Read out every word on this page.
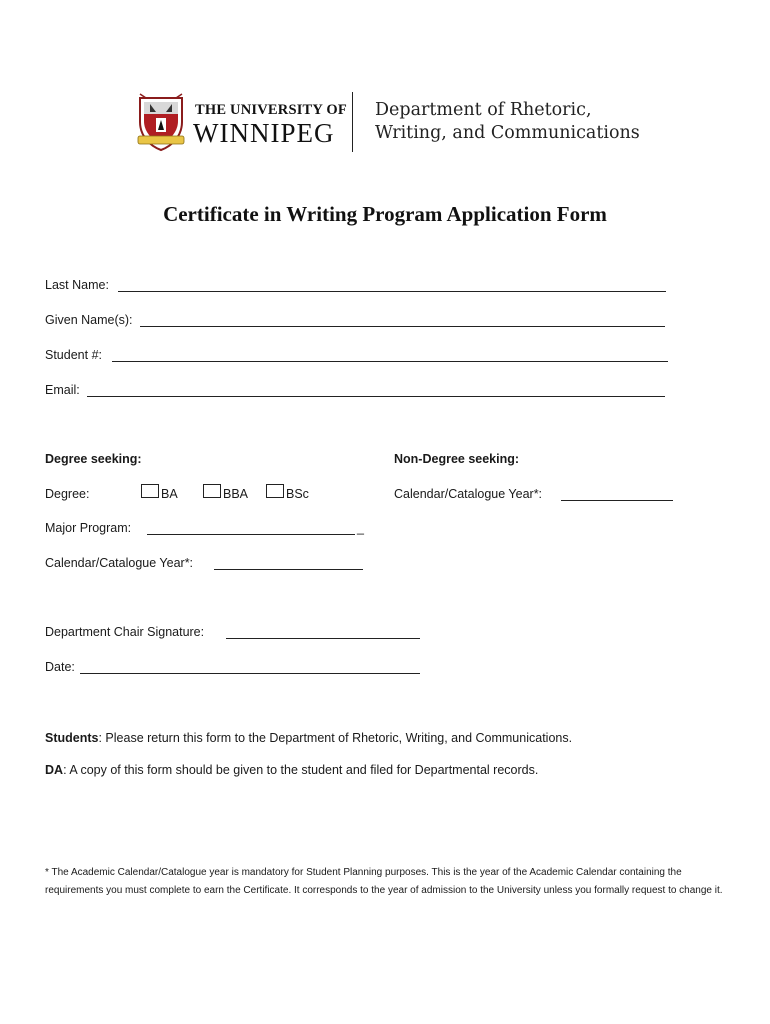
THE UNIVERSITY OF
WINNIPEG
Department of Rhetoric,
Writing, and Communications
Certificate in Writing Program Application Form
Last Name:
Given Name(s):
Student #:
Email:
Degree seeking:	Non-Degree seeking:
Degree:	BA	BBA	BSc	Calendar/Catalogue Year*:
Major Program:	_
Calendar/Catalogue Year*:
Department Chair Signature:
Date:
Students: Please return this form to the Department of Rhetoric, Writing, and Communications.
DA: A copy of this form should be given to the student and filed for Departmental records.
* The Academic Calendar/Catalogue year is mandatory for Student Planning purposes. This is the year of the Academic Calendar containing the requirements you must complete to earn the Certificate. It corresponds to the year of admission to the University unless you formally request to change it.
